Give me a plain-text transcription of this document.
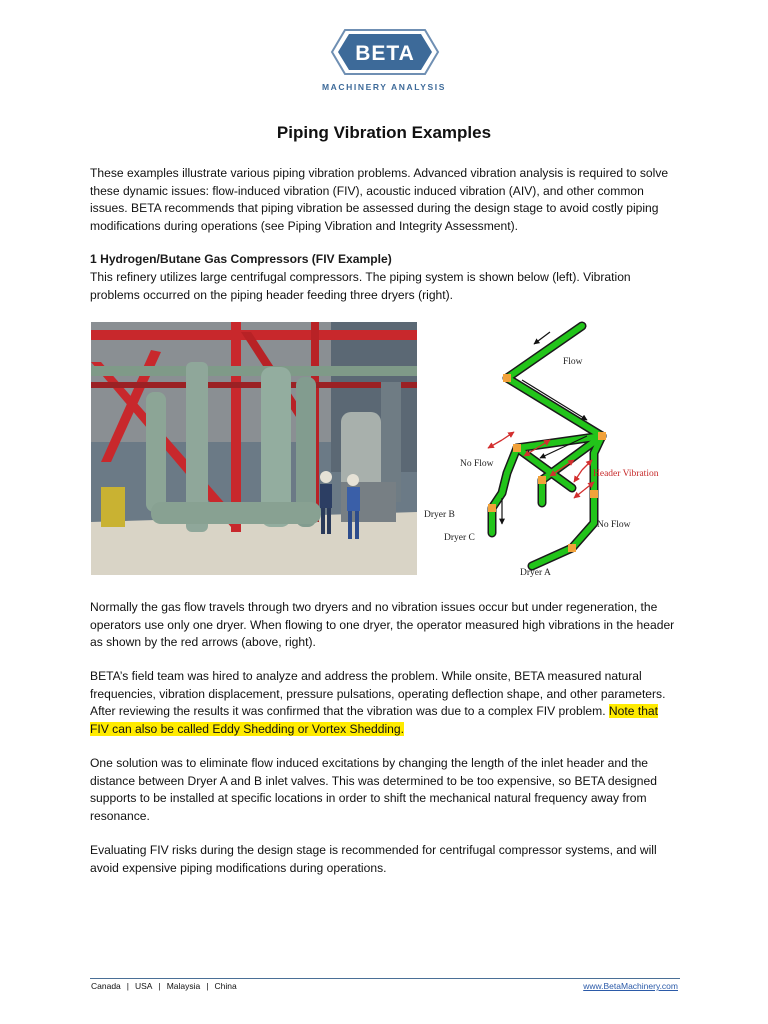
BETA
MACHINERY ANALYSIS
Piping Vibration Examples
These examples illustrate various piping vibration problems. Advanced vibration analysis is required to solve these dynamic issues: flow-induced vibration (FIV), acoustic induced vibration (AIV), and other common issues. BETA recommends that piping vibration be assessed during the design stage to avoid costly piping modifications during operations (see Piping Vibration and Integrity Assessment).
1 Hydrogen/Butane Gas Compressors (FIV Example)
This refinery utilizes large centrifugal compressors. The piping system is shown below (left). Vibration problems occurred on the piping header feeding three dryers (right).
Flow
No Flow
Header Vibration
Dryer B
Dryer C
No Flow
Dryer A
Normally the gas flow travels through two dryers and no vibration issues occur but under regeneration, the operators use only one dryer. When flowing to one dryer, the operator measured high vibrations in the header as shown by the red arrows (above, right).
BETA’s field team was hired to analyze and address the problem. While onsite, BETA measured natural frequencies, vibration displacement, pressure pulsations, operating deflection shape, and other parameters. After reviewing the results it was confirmed that the vibration was due to a complex FIV problem. Note that FIV can also be called Eddy Shedding or Vortex Shedding.
One solution was to eliminate flow induced excitations by changing the length of the inlet header and the distance between Dryer A and B inlet valves. This was determined to be too expensive, so BETA designed supports to be installed at specific locations in order to shift the mechanical natural frequency away from resonance.
Evaluating FIV risks during the design stage is recommended for centrifugal compressor systems, and will avoid expensive piping modifications during operations.
Canada | USA | Malaysia | China	www.BetaMachinery.com
